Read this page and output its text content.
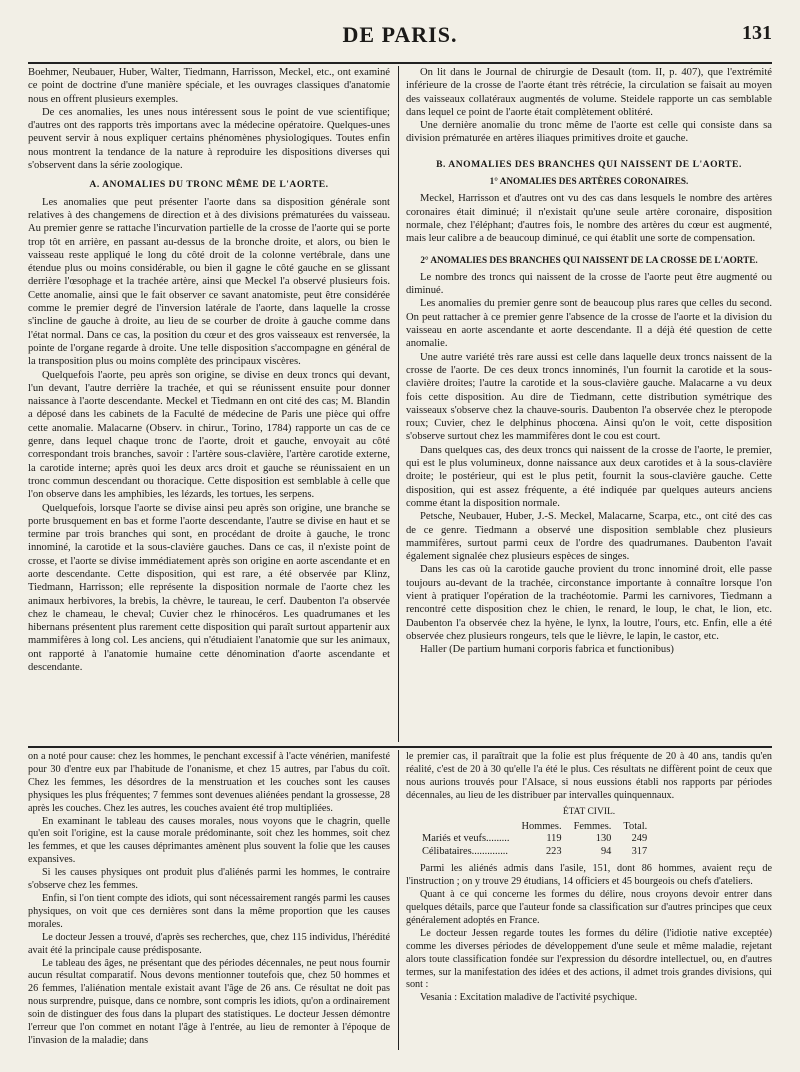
DE PARIS.	131

Boehmer, Neubauer, Huber, Walter, Tiedmann, Harrisson, Meckel, etc., ont examiné ce point de doctrine d'une manière spéciale, et les ouvrages classiques d'anatomie nous en offrent plusieurs exemples.

De ces anomalies, les unes nous intéressent sous le point de vue scientifique; d'autres ont des rapports très importans avec la médecine opératoire. Quelques-unes peuvent servir à nous expliquer certains phénomènes physiologiques. Toutes enfin nous montrent la tendance de la nature à reproduire les dispositions diverses qui s'observent dans la série zoologique.

A. ANOMALIES DU TRONC MÊME DE L'AORTE.

Les anomalies que peut présenter l'aorte dans sa disposition générale sont relatives à des changemens de direction et à des divisions prématurées du vaisseau. Au premier genre se rattache l'incurvation partielle de la crosse de l'aorte qui se porte trop tôt en arrière, en passant au-dessus de la bronche droite, et alors, ou bien le vaisseau reste appliqué le long du côté droit de la colonne vertébrale, dans une étendue plus ou moins considérable, ou bien il gagne le côté gauche en se glissant derrière l'œsophage et la trachée artère, ainsi que Meckel l'a observé plusieurs fois. Cette anomalie, ainsi que le fait observer ce savant anatomiste, peut être considérée comme le premier degré de l'inversion latérale de l'aorte, dans laquelle la crosse s'incline de gauche à droite, au lieu de se courber de droite à gauche comme dans l'état normal. Dans ce cas, la position du cœur et des gros vaisseaux est renversée, la pointe de l'organe regarde à droite. Une telle disposition s'accompagne en général de la transposition plus ou moins complète des principaux viscères.

Quelquefois l'aorte, peu après son origine, se divise en deux troncs qui devant, l'un devant, l'autre derrière la trachée, et qui se réunissent ensuite pour donner naissance à l'aorte descendante. Meckel et Tiedmann en ont cité des cas; M. Blandin a déposé dans les cabinets de la Faculté de médecine de Paris une pièce qui offre cette anomalie. Malacarne (Observ. in chirur., Torino, 1784) rapporte un cas de ce genre, dans lequel chaque tronc de l'aorte, droit et gauche, envoyait au côté correspondant trois branches, savoir : l'artère sous-clavière, l'artère carotide externe, la carotide interne; après quoi les deux arcs droit et gauche se réunissaient en un tronc commun descendant ou thoracique. Cette disposition est semblable à celle que l'on observe dans les amphibies, les lézards, les tortues, les serpens.

Quelquefois, lorsque l'aorte se divise ainsi peu après son origine, une branche se porte brusquement en bas et forme l'aorte descendante, l'autre se divise en haut et se termine par trois branches qui sont, en procédant de droite à gauche, le tronc innominé, la carotide et la sous-clavière gauches. Dans ce cas, il n'existe point de crosse, et l'aorte se divise immédiatement après son origine en aorte ascendante et en aorte descendante. Cette disposition, qui est rare, a été observée par Klinz, Tiedmann, Harrisson; elle représente la disposition normale de l'aorte chez les animaux herbivores, la brebis, la chèvre, le taureau, le cerf. Daubenton l'a observée chez le chameau, le cheval; Cuvier chez le rhinocéros. Les quadrumanes et les hibernans présentent plus rarement cette disposition qui paraît surtout appartenir aux mammifères à long col. Les anciens, qui n'étudiaient l'anatomie que sur les animaux, ont rapporté à l'anatomie humaine cette dénomination d'aorte ascendante et descendante.

On lit dans le Journal de chirurgie de Desault (tom. II, p. 407), que l'extrémité inférieure de la crosse de l'aorte étant très rétrécie, la circulation se faisait au moyen des vaisseaux collatéraux augmentés de volume. Steidele rapporte un cas semblable dans lequel ce point de l'aorte était complètement oblitéré.

Une dernière anomalie du tronc même de l'aorte est celle qui consiste dans sa division prématurée en artères iliaques primitives droite et gauche.

B. ANOMALIES DES BRANCHES QUI NAISSENT DE L'AORTE.
1° ANOMALIES DES ARTÈRES CORONAIRES.

Meckel, Harrisson et d'autres ont vu des cas dans lesquels le nombre des artères coronaires était diminué; il n'existait qu'une seule artère coronaire, disposition normale, chez l'éléphant; d'autres fois, le nombre des artères du cœur est augmenté, mais leur calibre a de beaucoup diminué, ce qui établit une sorte de compensation.

2° ANOMALIES DES BRANCHES QUI NAISSENT DE LA CROSSE DE L'AORTE.

Le nombre des troncs qui naissent de la crosse de l'aorte peut être augmenté ou diminué.

Les anomalies du premier genre sont de beaucoup plus rares que celles du second. On peut rattacher à ce premier genre l'absence de la crosse de l'aorte et la division du vaisseau en aorte ascendante et aorte descendante. Il a déjà été question de cette anomalie.

Une autre variété très rare aussi est celle dans laquelle deux troncs naissent de la crosse de l'aorte. De ces deux troncs innominés, l'un fournit la carotide et la sous-clavière droites; l'autre la carotide et la sous-clavière gauche. Malacarne a vu deux fois cette disposition. Au dire de Tiedmann, cette distribution symétrique des vaisseaux s'observe chez la chauve-souris. Daubenton l'a observée chez le pteropode roux; Cuvier, chez le delphinus phocœna. Ainsi qu'on le voit, cette disposition s'observe surtout chez les mammifères dont le cou est court.

Dans quelques cas, des deux troncs qui naissent de la crosse de l'aorte, le premier, qui est le plus volumineux, donne naissance aux deux carotides et à la sous-clavière droite; le postérieur, qui est le plus petit, fournit la sous-clavière gauche. Cette disposition, qui est assez fréquente, a été indiquée par quelques auteurs anciens comme étant la disposition normale.

Petsche, Neubauer, Huber, J.-S. Meckel, Malacarne, Scarpa, etc., ont cité des cas de ce genre. Tiedmann a observé une disposition semblable chez plusieurs mammifères, surtout parmi ceux de l'ordre des quadrumanes. Daubenton l'avait également signalée chez plusieurs espèces de singes.

Dans les cas où la carotide gauche provient du tronc innominé droit, elle passe toujours au-devant de la trachée, circonstance importante à connaître lorsque l'on vient à pratiquer l'opération de la trachéotomie. Parmi les carnivores, Tiedmann a rencontré cette disposition chez le chien, le renard, le loup, le chat, le lion, etc. Daubenton l'a observée chez la hyène, le lynx, la loutre, l'ours, etc. Enfin, elle a été observée chez plusieurs rongeurs, tels que le lièvre, le lapin, le castor, etc.

Haller (De partium humani corporis fabrica et functionibus)

on a noté pour cause: chez les hommes, le penchant excessif à l'acte vénérien, manifesté pour 30 d'entre eux par l'habitude de l'onanisme, et chez 15 autres, par l'abus du coït. Chez les femmes, les désordres de la menstruation et les couches sont les causes physiques les plus fréquentes; 7 femmes sont devenues aliénées pendant la grossesse, 28 après les couches. Chez les autres, les couches avaient été trop multipliées.

En examinant le tableau des causes morales, nous voyons que le chagrin, quelle qu'en soit l'origine, est la cause morale prédominante, soit chez les hommes, soit chez les femmes, et que les causes déprimantes amènent plus souvent la folie que les causes expansives.

Si les causes physiques ont produit plus d'aliénés parmi les hommes, le contraire s'observe chez les femmes.

Enfin, si l'on tient compte des idiots, qui sont nécessairement rangés parmi les causes physiques, on voit que ces dernières sont dans la même proportion que les causes morales.

Le docteur Jessen a trouvé, d'après ses recherches, que, chez 115 individus, l'hérédité avait été la principale cause prédisposante.

Le tableau des âges, ne présentant que des périodes décennales, ne peut nous fournir aucun résultat comparatif. Nous devons mentionner toutefois que, chez 50 hommes et 26 femmes, l'aliénation mentale existait avant l'âge de 26 ans. Ce résultat ne doit pas nous surprendre, puisque, dans ce nombre, sont compris les idiots, qu'on a ordinairement soin de distinguer des fous dans la plupart des statistiques. Le docteur Jessen démontre l'erreur que l'on commet en notant l'âge à l'entrée, au lieu de remonter à l'époque de l'invasion de la maladie; dans

le premier cas, il paraîtrait que la folie est plus fréquente de 20 à 40 ans, tandis qu'en réalité, c'est de 20 à 30 qu'elle l'a été le plus. Ces résultats ne diffèrent point de ceux que nous aurions trouvés pour l'Alsace, si nous eussions établi nos rapports par périodes décennales, au lieu de les distribuer par intervalles quinquennaux.

ÉTAT CIVIL.
	Hommes.	Femmes.	Total.
Mariés et veufs.........	119	130	249
Célibataires..............	223	94	317

Parmi les aliénés admis dans l'asile, 151, dont 86 hommes, avaient reçu de l'instruction ; on y trouve 29 étudians, 14 officiers et 45 bourgeois ou chefs d'ateliers.

Quant à ce qui concerne les formes du délire, nous croyons devoir entrer dans quelques détails, parce que l'auteur fonde sa classification sur d'autres principes que ceux généralement adoptés en France.

Le docteur Jessen regarde toutes les formes du délire (l'idiotie native exceptée) comme les diverses périodes de développement d'une seule et même maladie, rejetant alors toute classification fondée sur l'expression du désordre intellectuel, ou, en d'autres termes, sur la manifestation des idées et des actions, il admet trois grandes divisions, qui sont :

Vesania : Excitation maladive de l'activité psychique.
